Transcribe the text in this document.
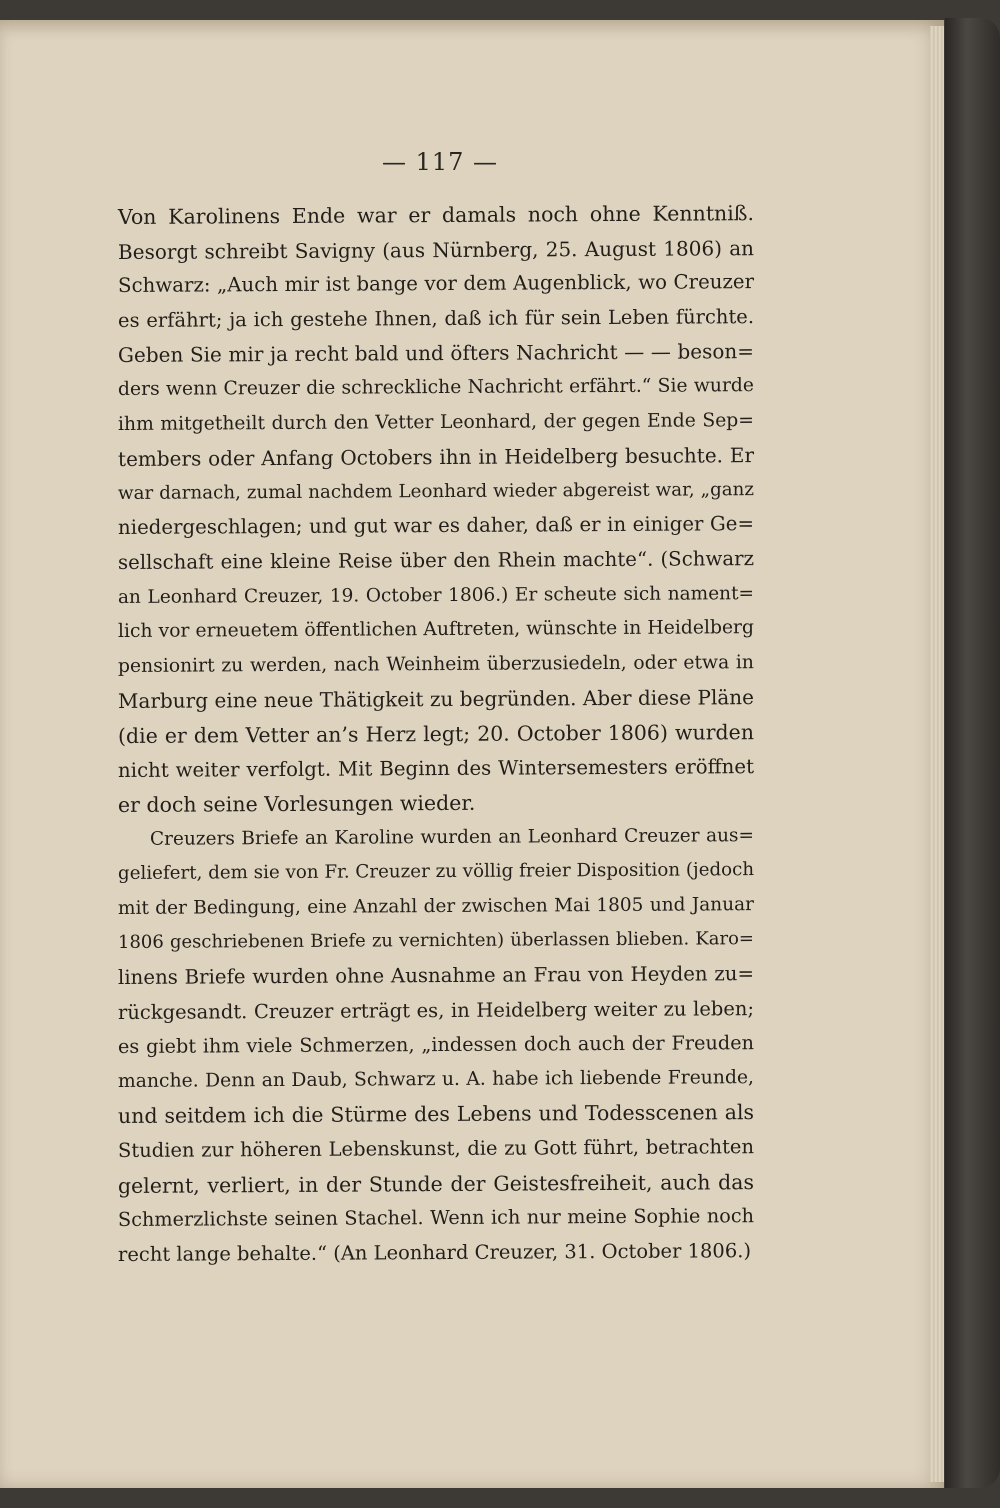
— 117 —
Von Karolinens Ende war er damals noch ohne Kenntniß.
Besorgt schreibt Savigny (aus Nürnberg, 25. August 1806) an
Schwarz: „Auch mir ist bange vor dem Augenblick, wo Creuzer
es erfährt; ja ich gestehe Ihnen, daß ich für sein Leben fürchte.
Geben Sie mir ja recht bald und öfters Nachricht — — beson=
ders wenn Creuzer die schreckliche Nachricht erfährt.“ Sie wurde
ihm mitgetheilt durch den Vetter Leonhard, der gegen Ende Sep=
tembers oder Anfang Octobers ihn in Heidelberg besuchte. Er
war darnach, zumal nachdem Leonhard wieder abgereist war, „ganz
niedergeschlagen; und gut war es daher, daß er in einiger Ge=
sellschaft eine kleine Reise über den Rhein machte“. (Schwarz
an Leonhard Creuzer, 19. October 1806.) Er scheute sich nament=
lich vor erneuetem öffentlichen Auftreten, wünschte in Heidelberg
pensionirt zu werden, nach Weinheim überzusiedeln, oder etwa in
Marburg eine neue Thätigkeit zu begründen. Aber diese Pläne
(die er dem Vetter an’s Herz legt; 20. October 1806) wurden
nicht weiter verfolgt. Mit Beginn des Wintersemesters eröffnet
er doch seine Vorlesungen wieder.
Creuzers Briefe an Karoline wurden an Leonhard Creuzer aus=
geliefert, dem sie von Fr. Creuzer zu völlig freier Disposition (jedoch
mit der Bedingung, eine Anzahl der zwischen Mai 1805 und Januar
1806 geschriebenen Briefe zu vernichten) überlassen blieben. Karo=
linens Briefe wurden ohne Ausnahme an Frau von Heyden zu=
rückgesandt. Creuzer erträgt es, in Heidelberg weiter zu leben;
es giebt ihm viele Schmerzen, „indessen doch auch der Freuden
manche. Denn an Daub, Schwarz u. A. habe ich liebende Freunde,
und seitdem ich die Stürme des Lebens und Todesscenen als
Studien zur höheren Lebenskunst, die zu Gott führt, betrachten
gelernt, verliert, in der Stunde der Geistesfreiheit, auch das
Schmerzlichste seinen Stachel. Wenn ich nur meine Sophie noch
recht lange behalte.“ (An Leonhard Creuzer, 31. October 1806.)
